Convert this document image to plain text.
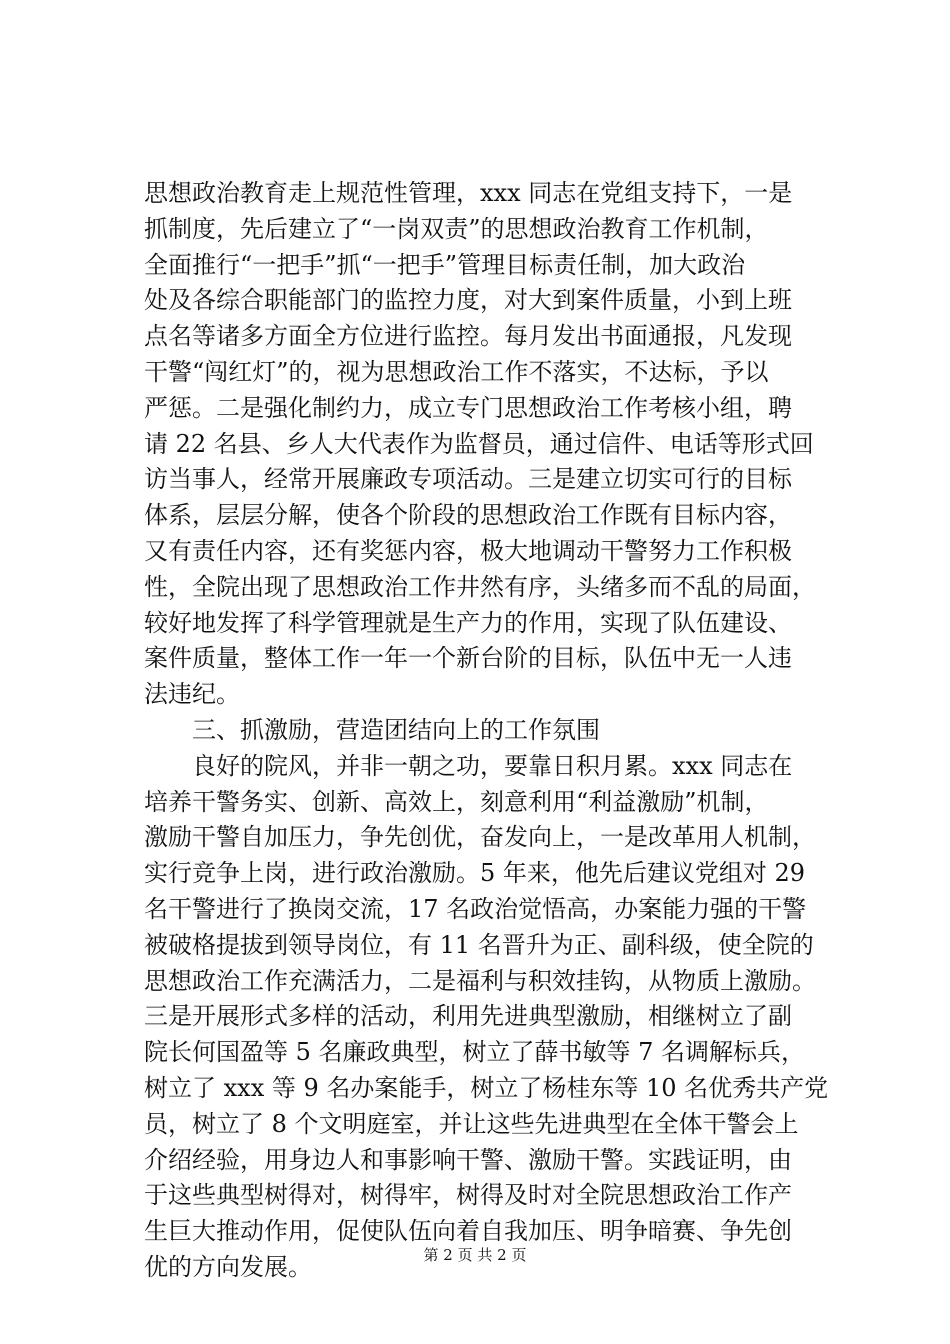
思想政治教育走上规范性管理，xxx 同志在党组支持下，一是
抓制度，先后建立了“一岗双责”的思想政治教育工作机制，
全面推行“一把手”抓“一把手”管理目标责任制，加大政治
处及各综合职能部门的监控力度，对大到案件质量，小到上班
点名等诸多方面全方位进行监控。每月发出书面通报，凡发现
干警“闯红灯”的，视为思想政治工作不落实，不达标，予以
严惩。二是强化制约力，成立专门思想政治工作考核小组，聘
请 22 名县、乡人大代表作为监督员，通过信件、电话等形式回
访当事人，经常开展廉政专项活动。三是建立切实可行的目标
体系，层层分解，使各个阶段的思想政治工作既有目标内容，
又有责任内容，还有奖惩内容，极大地调动干警努力工作积极
性，全院出现了思想政治工作井然有序，头绪多而不乱的局面，
较好地发挥了科学管理就是生产力的作用，实现了队伍建设、
案件质量，整体工作一年一个新台阶的目标，队伍中无一人违
法违纪。
　　三、抓激励，营造团结向上的工作氛围
　　良好的院风，并非一朝之功，要靠日积月累。xxx 同志在
培养干警务实、创新、高效上，刻意利用“利益激励”机制，
激励干警自加压力，争先创优，奋发向上，一是改革用人机制，
实行竞争上岗，进行政治激励。5 年来，他先后建议党组对 29
名干警进行了换岗交流，17 名政治觉悟高，办案能力强的干警
被破格提拔到领导岗位，有 11 名晋升为正、副科级，使全院的
思想政治工作充满活力，二是福利与积效挂钩，从物质上激励。
三是开展形式多样的活动，利用先进典型激励，相继树立了副
院长何国盈等 5 名廉政典型，树立了薛书敏等 7 名调解标兵，
树立了 xxx 等 9 名办案能手，树立了杨桂东等 10 名优秀共产党
员，树立了 8 个文明庭室，并让这些先进典型在全体干警会上
介绍经验，用身边人和事影响干警、激励干警。实践证明，由
于这些典型树得对，树得牢，树得及时对全院思想政治工作产
生巨大推动作用，促使队伍向着自我加压、明争暗赛、争先创
优的方向发展。	第 2 页 共 2 页
